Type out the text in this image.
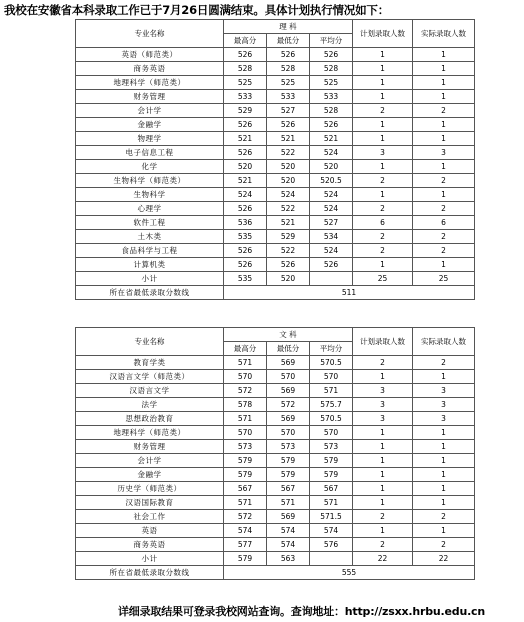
我校在安徽省本科录取工作已于7月26日圆满结束。具体计划执行情况如下：
专业名称	理 科			计划录取人数	实际录取人数
	最高分	最低分	平均分		
英语（师范类）	526	526	526	1	1
商务英语	528	528	528	1	1
地理科学（师范类）	525	525	525	1	1
财务管理	533	533	533	1	1
会计学	529	527	528	2	2
金融学	526	526	526	1	1
物理学	521	521	521	1	1
电子信息工程	526	522	524	3	3
化学	520	520	520	1	1
生物科学（师范类）	521	520	520.5	2	2
生物科学	524	524	524	1	1
心理学	526	522	524	2	2
软件工程	536	521	527	6	6
土木类	535	529	534	2	2
食品科学与工程	526	522	524	2	2
计算机类	526	526	526	1	1
小计	535	520		25	25
所在省最低录取分数线	511				
专业名称	文 科			计划录取人数	实际录取人数
	最高分	最低分	平均分		
教育学类	571	569	570.5	2	2
汉语言文学（师范类）	570	570	570	1	1
汉语言文学	572	569	571	3	3
法学	578	572	575.7	3	3
思想政治教育	571	569	570.5	3	3
地理科学（师范类）	570	570	570	1	1
财务管理	573	573	573	1	1
会计学	579	579	579	1	1
金融学	579	579	579	1	1
历史学（师范类）	567	567	567	1	1
汉语国际教育	571	571	571	1	1
社会工作	572	569	571.5	2	2
英语	574	574	574	1	1
商务英语	577	574	576	2	2
小计	579	563		22	22
所在省最低录取分数线	555				
详细录取结果可登录我校网站查询。查询地址：http://zsxx.hrbu.edu.cn
